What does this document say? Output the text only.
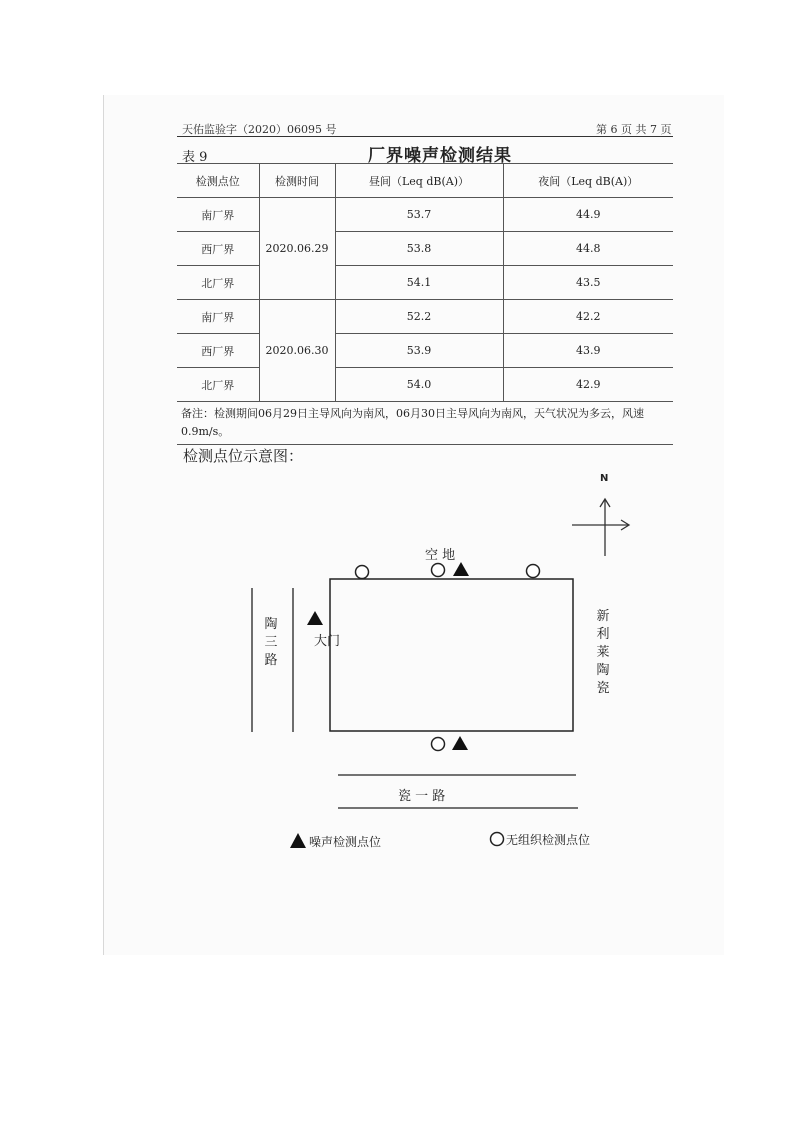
天佑监验字（2020）06095 号	第 6 页 共 7 页
表 9	厂界噪声检测结果
检测点位	检测时间	昼间（Leq dB(A)）	夜间（Leq dB(A)）
南厂界	2020.06.29	53.7	44.9
西厂界		53.8	44.8
北厂界		54.1	43.5
南厂界	2020.06.30	52.2	42.2
西厂界		53.9	43.9
北厂界		54.0	42.9
备注：检测期间06月29日主导风向为南风，06月30日主导风向为南风，天气状况为多云，风速0.9m/s。			
检测点位示意图：
N
空 地
大门
陶三路
新利莱陶瓷
瓷 一 路
噪声检测点位	无组织检测点位
